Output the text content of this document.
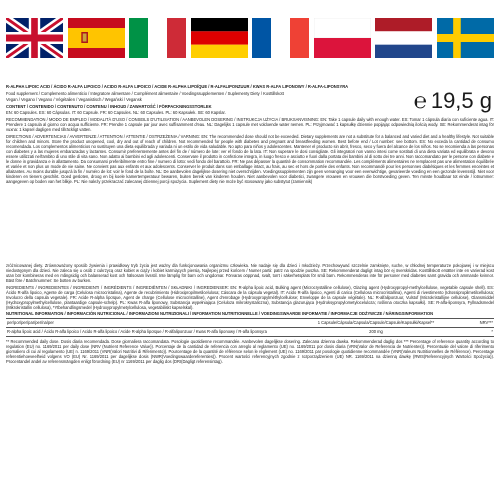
R-ALPHA LIPOIC ACID / ÁCIDO R-ALFA LIPOICO / ACIDO R-ALFA LIPOICO / ACIDE R-ALPHA LIPOÏQUE / R-ALFALIPONZUUR / KWAS R-ALFA LIPONOWY / R-ALFA-LIPONSYRA

Food supplement / Complemento alimenticio / Integratore alimentare / Complément alimentaire / Voedingssupplementen / Suplementy Diety / Kosttillskott

Vegan / Vegano / Vegano / Végétalien / Veganistisch / Wegański / Vegansk

CONTENT / CONTENIDO / CONTENUTO / CONTENU / INHOUD / ZAWARTOŚĆ / FÖRPACKNINGSSTORLEK

EN: 60 Capsules. ES: 60 Cápsulas. IT: 60 Capsule. FR: 60 Capsules. NL: 60 Capsules. PL: 60 Kapsułek. SE: 60 Kapslar.	℮ 19,5 g

RECOMMENDATION / MODO DE EMPLEO / MODALITÀ D'USO / CONSEILS D'UTILISATION / AANBEVOLEN DOSERING / INSTRUKCJA UŻYCIA / BRUKSANVISNING: EN: Take 1 capsule daily with enough water. ES: Tomar 1 cápsula diaria con suficiente agua. IT: Prendere 1 capsula al giorno con acqua sufficiente. FR: Prendre 1 capsule par jour avec suffisamment d'eau. NL: Dagelijks 1 capsule met voldoende water nemen. PL: Przyjmować 1 kapsułkę dziennie popijając odpowiednią ilością wody. SE: Rekommenderat intag för vuxna: 1 kapsel dagligen med tillräckligt vatten.

DIRECTIONS / ADVERTENCIAS / AVVERTENZE / ATTENTION / ATTENTIE / OSTRZEŻENIA / VARNING: EN: The recommended dose should not be exceeded. Dietary supplements are not a substitute for a balanced and varied diet and a healthy lifestyle. Not suitable for children and minors. Store the product unopened, cool, dry and out of reach of children. Not recommended for people with diabetes and pregnant and breastfeeding women. Best before end / Lot number: see bottom. ES: No exceda la cantidad de consumo recomendada. Los complementos alimenticios no sustituyen una dieta equilibrada y variada ni un estilo de vida saludable. No apto para niños y adolescentes. Mantener el producto sin abrir, fresco, seco y fuera del alcance de los niños. No se recomienda a las personas con diabetes y a las mujeres embarazadas y lactantes. Consumir preferentemente antes del fin de / número de lote: ver el fondo de la lata. IT: Non superare le dosi consigliate. Gli integratori non vanno intesi come sostituti di una dieta variata ed equilibrata e devono essere utilizzati nell'ambito di uno stile di vita sano. Non adatto ai bambini ed agli adolescenti. Conservare il prodotto in confezione integra, in luogo fresco e asciutto e fuori dalla portata dei bambini al di sotto dei tre anni. Non raccomandato per le persone con diabete e le donne in gravidanza e in allattamento. Da consumarsi preferibilmente entro fine / numero di lotto: vedi fondo del barattolo. FR: Ne pas dépasser la quantité de consommation recommandée. Les compléments alimentaires ne remplacent pas une alimentation équilibrée et variée et non plus un mode de vie saine. Ne convient pas aux enfants et aux adolescents. Conserver le produit dans son emballage intact, au frais, au sec et hors de portée des enfants. Non recommandé pour les personnes diabétiques et les femmes enceintes et allaitantes. Au moins durable jusqu'à la fin / numéro de lot: voir le fond de la boîte. NL: De aanbevolen dagelijkse dosering niet overschrijden. Voedingssupplementen zijn geen vervanging voor een evenwichtige, gevarieerde voeding en een gezonde levensstijl. Niet voor kinderen en tieners geschikt. Goed gesloten, droog en bij koele kamertemperatuur bewaren, buiten bereik van kinderen houden. Niet aanbevolen voor diabetici, zwangere vrouwen en vrouwen die borstvoeding geven. Ten minste houdbaar tot einde / lotnummer: aangegeven op boden van het blikje. PL: Nie należy przekraczać zalecanej dziennej porcji spożycia. Suplement diety nie może być stosowany jako substytut (zamiennik)

zróżnicowanej diety. Zrównoważony sposób żywienia i prawidłowy tryb życia jest ważny dla funkcjonowania organizmu człowieka. Nie nadaje się dla dzieci i młodzieży. Przechowywać szczelnie zamknięte, suche, w chłodnej temperaturze pokojowej i w miejscu niedostępnym dla dzieci. Nie zaleca się u osób z cukrzycą oraz kobiet w ciąży i kobiet karmiących piersią. Najlepiej przed końcem / Numer partii: patrz na spodzie puszka. SE: Rekommenderat dagligt intag bör ej överskridas. Kosttillskott ersätter inte en varierad kost utan bör kombineras med en mångsidig och balanserad kost och hälsosam livsstil. Inte lämplig för barn och ungdomar. Förvaras oöppnad, svalt, torrt i säkerhetsplats för små barn. Rekommenderas inte för personer med diabetes samt gravida och ammande kvinnor. Bäst före / Batchnummer: Se botten av burken.

INGREDIENTS / INGREDIENTES / INGREDIENTI / INGRÉDIENTS / INGREDIËNTEN / SKŁADNIKI / INGREDIENSER: EN: R-alpha lipoic acid, Bulking agent (Microcrystalline cellulose), Glazing agent (Hydroxypropyl-methylcellulose, vegetable capsule shell). ES: Ácido R-alfa lipoico, Agente de carga (Celulosa microcristalina), Agente de recubrimiento (Hidroxipropilmetilcelulosa; Cáscara de la cápsula vegetal). IT: Acido R-alfa lipoico, Agenti di carica (Cellulosa microcristallina), Agenti di rivestimento (Idrossipropilmetilcellulosa; Involucro della capsula vegetale). FR: Acide R-alpha lipoïque, Agent de charge (Cellulose microcristalline), Agent d'enrobage (Hydroxypropylméthylcellulose; Enveloppe de la capsule végétale). NL: R-alfaliponzuur, Vulstof (Microkristallijne cellulose), Glansmiddel (Hydroxypropylmethylcellulose, plantaardige capsule-schelp). PL: Kwas R-alfa liponowy, Substancja wypełniająca (Celuloza mikrokrystaliczna), Substancja glazurująca (Hydroksypropylometyloceluloza; roślinna otoczka kapsułki). SE: R-alfa-liponsyra, Fyllnadsmedel (Mikrokristallin cellulosa), *Ytbehandlingsmedel (Hydroxypropylmetylcellulosa, vegetabiliskt kapselskal).

NUTRITIONAL INFORMATION / INFORMACIÓN NUTRICIONAL / INFORMAZIONI NUTRIZIONALI / INFORMATION NUTRITIONNELLE / VOEDINGSWAARDE INFORMATIE / INFORMACJE ODŻYWCZE / NÄRINGSINFORMATION

per/por/per/par/per/na/per	1 Capsule/Cápsula/Capsula/Capsule/Capsule/Kapsułki/Kapsel**	NRV***
R-alpha lipoic acid / Ácido R-alfa lipoico / Acido R-alfa lipoico / Acide R-alpha lipoïque / R-alfaliponzuur / Kwas R-alfa liponowy / R-alfa liponsyra	200 mg	*

** Recommended daily dose. Dosis diaria recomendada. Dose giornaliera raccomandata. Posologie quotidienne recommandée. Aanbevolen dagelijkse dosering. Zalecana dzienna dawka. Rekommenderad daglig dos *** Percentage of reference quantity according to regulation (EU) no. 1169/2011 per daily dose (NRV (Nutrient Reference Value)). Porcentaje de la cantidad de referencia con arreglo al reglamento (UE) no. 1169/2011 por dosis diaria (VRN(Valor de Referencia de Nutrientes)). Percentuale del valore di riferimento giornaliero di cui al regolamento (UE) n. 1169/2011 (VNR(Valori Nutritivi di Riferimento)). Pourcentage de la quantité de référence selon le règlement (UE) no. 1169/2011 par posologie quotidienne recommandée (VNR(Valeurs Nutritionnelles de Référence). Percentage referentiehoeveelheid volgens VO (EU) Nr. 1169/2011 per dagelijkse dosis (NWR(Voedingswaardereferenties)). Procent wartości referencyjnych zgodnie z rozporządzeniem (UE) NR. 1169/2011 na dzienną dawkę (RWS(Referencyjnych Wartości Spożycia)). Procentandel andel av referensmängden enligt förordning (EU) nr 1169/2011 per daglig dos (DRI(Dagligt referensintag).
